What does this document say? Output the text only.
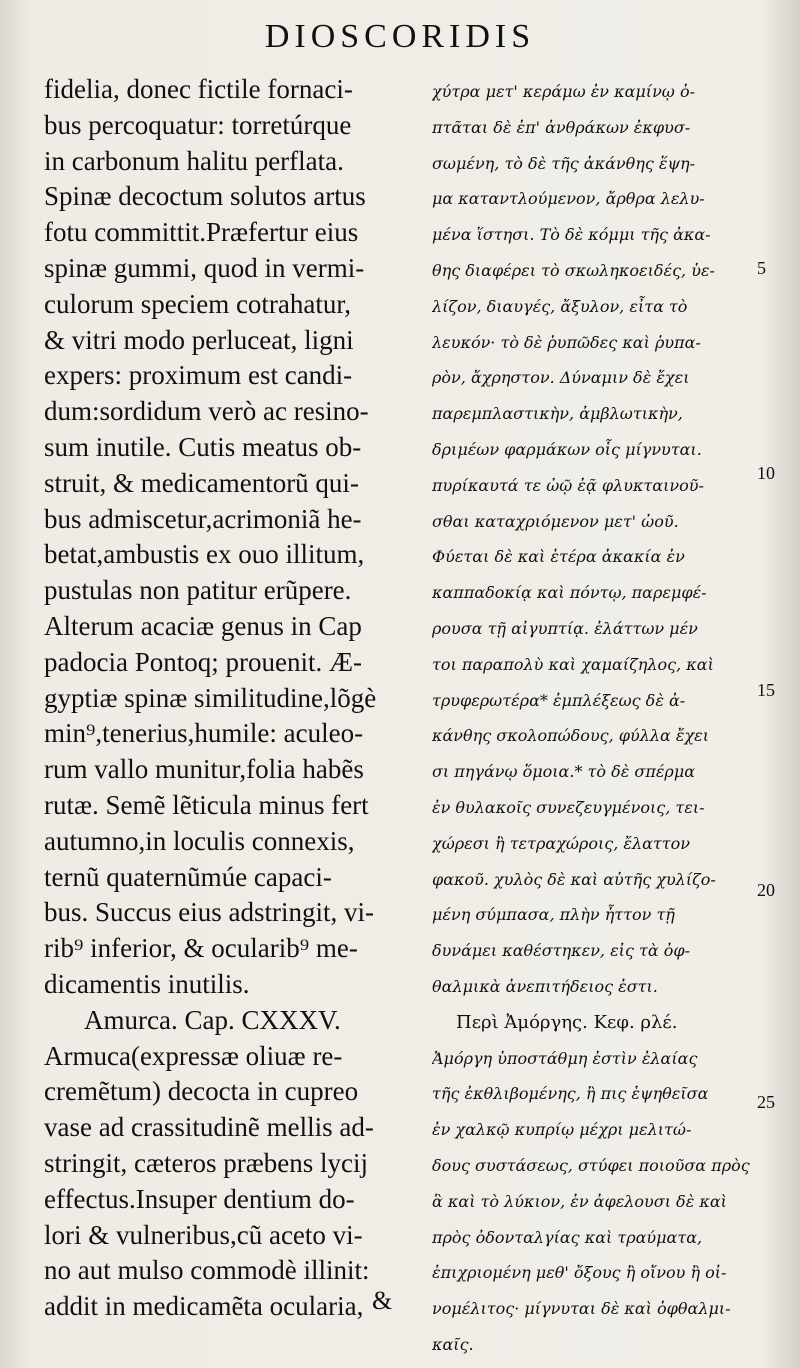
DIOSCORIDIS
fidelia, donec fictile fornaci-
bus percoquatur: torretúrque
in carbonum halitu perflata.
Spinæ decoctum solutos artus
fotu committit.Præfertur eius
spinæ gummi, quod in vermi-
culorum speciem cotrahatur,
& vitri modo perluceat, ligni
expers: proximum est candi-
dum:sordidum verò ac resino-
sum inutile. Cutis meatus ob-
struit, & medicamentorũ qui-
bus admiscetur,acrimoniã he-
betat,ambustis ex ouo illitum,
pustulas non patitur erũpere.
Alterum acaciæ genus in Cap
padocia Pontoq; prouenit. Æ-
gyptiæ spinæ similitudine,lõgè
min⁹,tenerius,humile: aculeo-
rum vallo munitur,folia habẽs
rutæ. Semẽ lẽticula minus fert
autumno,in loculis connexis,
ternũ quaternũmúe capaci-
bus. Succus eius adstringit, vi-
rib⁹ inferior, & ocularib⁹ me-
dicamentis inutilis.
Amurca. Cap. CXXXV.
Armuca(expressæ oliuæ re-
cremẽtum) decocta in cupreo
vase ad crassitudinẽ mellis ad-
stringit, cæteros præbens lycij
effectus.Insuper dentium do-
lori & vulneribus,cũ aceto vi-
no aut mulso commodè illinit:
addit in medicamẽta ocularia,
χύτρα μετ' κεράμω ἐν καμίνῳ ὀ-
πτᾶται δὲ ἐπ' ἀνθράκων ἐκφυσ-
σωμένη, τὸ δὲ τῆς ἀκάνθης ἕψη-
μα καταντλούμενον, ἄρθρα λελυ-
μένα ἵστησι. Τὸ δὲ κόμμι τῆς ἀκα-
θης διαφέρει τὸ σκωληκοειδές, ὑε-
λίζον, διαυγές, ἄξυλον, εἶτα τὸ
λευκόν· τὸ δὲ ῥυπῶδες καὶ ῥυπα-
ρὸν, ἄχρηστον. Δύναμιν δὲ ἔχει
παρεμπλαστικὴν, ἀμβλωτικὴν,
δριμέων φαρμάκων οἷς μίγνυται.
πυρίκαυτά τε ὠῷ ἐᾷ φλυκταινοῦ-
σθαι καταχριόμενον μετ' ὠοῦ.
Φύεται δὲ καὶ ἑτέρα ἀκακία ἐν
καππαδοκίᾳ καὶ πόντῳ, παρεμφέ-
ρουσα τῇ αἰγυπτίᾳ. ἐλάττων μέν
τοι παραπολὺ καὶ χαμαίζηλος, καὶ
τρυφερωτέρα* ἐμπλέξεως δὲ ἀ-
κάνθης σκολοπώδους, φύλλα ἔχει
σι πηγάνῳ ὅμοια.* τὸ δὲ σπέρμα
ἐν θυλακοῖς συνεζευγμένοις, τει-
χώρεσι ἢ τετραχώροις, ἔλαττον
φακοῦ. χυλὸς δὲ καὶ αὐτῆς χυλίζο-
μένη σύμπασα, πλὴν ἧττον τῇ
δυνάμει καθέστηκεν, εἰς τὰ ὀφ-
θαλμικὰ ἀνεπιτήδειος ἐστι.
Περὶ Ἀμόργης. Κεφ. ρλέ.
Ἀμόργη ὑποστάθμη ἐστὶν ἐλαίας
τῆς ἐκθλιβομένης, ἣ πις ἑψηθεῖσα
ἐν χαλκῷ κυπρίῳ μέχρι μελιτώ-
δους συστάσεως, στύφει ποιοῦσα πρὸς
ἃ καὶ τὸ λύκιον, ἐν ἀφελουσι δὲ καὶ
πρὸς ὀδονταλγίας καὶ τραύματα,
ἐπιχριομένη μεθ' ὄξους ἢ οἴνου ἢ οἰ-
νομέλιτος· μίγνυται δὲ καὶ ὀφθαλμι-
καῖς.
5
10
15
20
25
&
